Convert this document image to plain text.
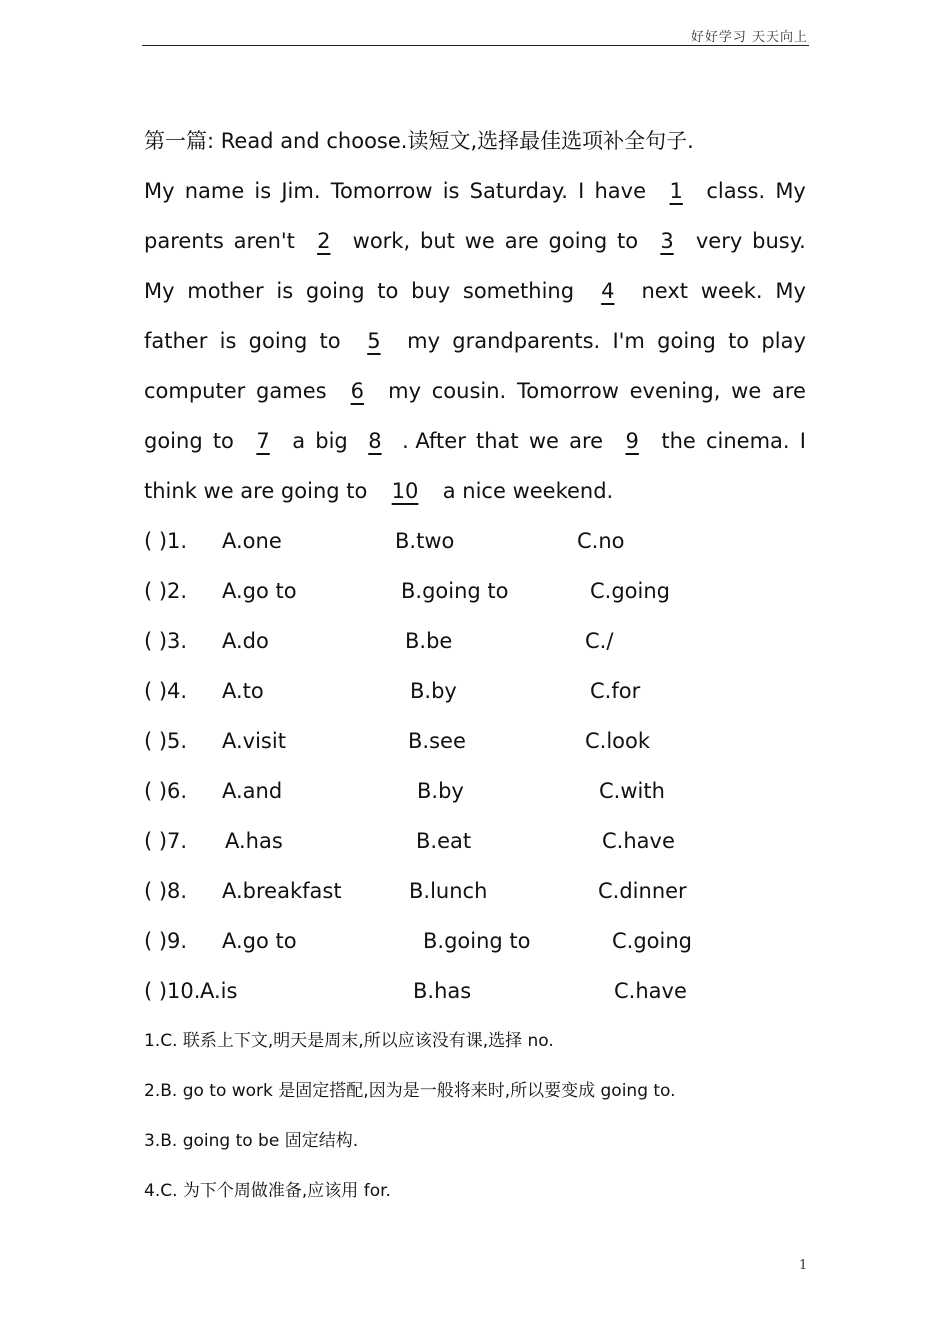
好好学习 天天向上
第一篇: Read and choose.读短文,选择最佳选项补全句子.
My name is Jim. Tomorrow is Saturday. I have	1	class. My
parents aren't	2	work, but we are going to	3	very busy.
My mother is going to buy something	4	next week. My
father is going to	5	my grandparents. I'm going to play
computer games	6	my cousin. Tomorrow evening, we are
going to	7	a big 8 . After that we are	9	the cinema. I
think we are going to 10 a nice weekend.
( )1. A.one	B.two	C.no
( )2. A.go to	B.going to	C.going
( )3. A.do	B.be	C./
( )4. A.to	B.by	C.for
( )5. A.visit	B.see	C.look
( )6. A.and	B.by	C.with
( )7. A.has	B.eat	C.have
( )8. A.breakfast	B.lunch	C.dinner
( )9. A.go to	B.going to	C.going
( )10. A.is	B.has	C.have
1.C. 联系上下文,明天是周末,所以应该没有课,选择 no.
2.B. go to work 是固定搭配,因为是一般将来时,所以要变成 going to.
3.B. going to be 固定结构.
4.C. 为下个周做准备,应该用 for.
1
